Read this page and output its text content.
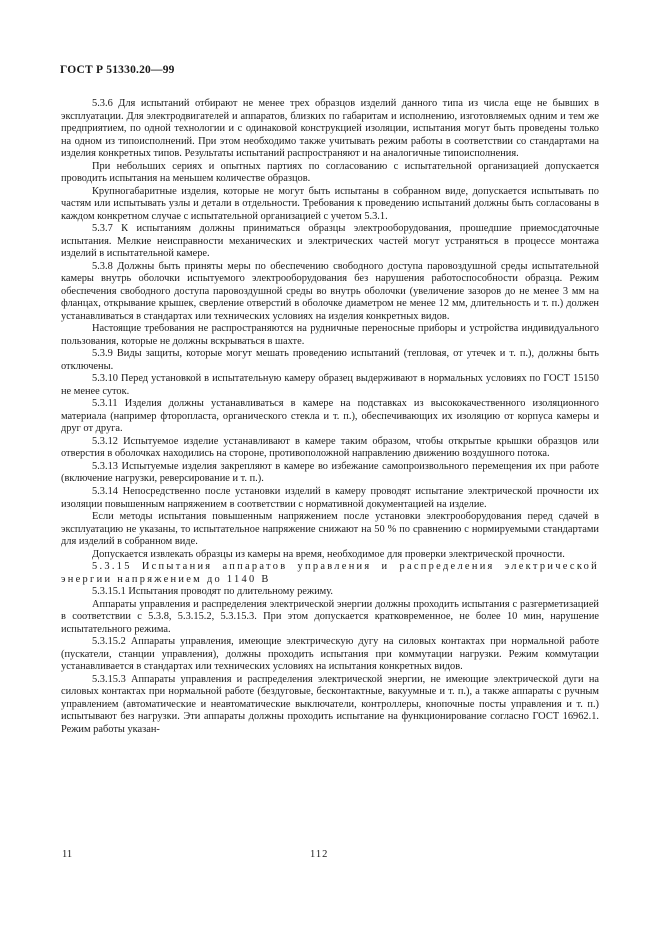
ГОСТ Р 51330.20—99

5.3.6 Для испытаний отбирают не менее трех образцов изделий данного типа из числа еще не бывших в эксплуатации. Для электродвигателей и аппаратов, близких по габаритам и исполнению, изготовляемых одним и тем же предприятием, по одной технологии и с одинаковой конструкцией изоляции, испытания могут быть проведены только на одном из типоисполнений. При этом необходимо также учитывать режим работы в соответствии со стандартами на изделия конкретных типов. Результаты испытаний распространяют и на аналогичные типоисполнения.

При небольших сериях и опытных партиях по согласованию с испытательной организацией допускается проводить испытания на меньшем количестве образцов.

Крупногабаритные изделия, которые не могут быть испытаны в собранном виде, допускается испытывать по частям или испытывать узлы и детали в отдельности. Требования к проведению испытаний должны быть согласованы в каждом конкретном случае с испытательной организацией с учетом 5.3.1.

5.3.7 К испытаниям должны приниматься образцы электрооборудования, прошедшие приемосдаточные испытания. Мелкие неисправности механических и электрических частей могут устраняться в процессе монтажа изделий в испытательной камере.

5.3.8 Должны быть приняты меры по обеспечению свободного доступа паровоздушной среды испытательной камеры внутрь оболочки испытуемого электрооборудования без нарушения работоспособности образца. Режим обеспечения свободного доступа паровоздушной среды во внутрь оболочки (увеличение зазоров до не менее 3 мм на фланцах, открывание крышек, сверление отверстий в оболочке диаметром не менее 12 мм, длительность и т. п.) должен устанавливаться в стандартах или технических условиях на изделия конкретных видов.

Настоящие требования не распространяются на рудничные переносные приборы и устройства индивидуального пользования, которые не должны вскрываться в шахте.

5.3.9 Виды защиты, которые могут мешать проведению испытаний (тепловая, от утечек и т. п.), должны быть отключены.

5.3.10 Перед установкой в испытательную камеру образец выдерживают в нормальных условиях по ГОСТ 15150 не менее суток.

5.3.11 Изделия должны устанавливаться в камере на подставках из высококачественного изоляционного материала (например фторопласта, органического стекла и т. п.), обеспечивающих их изоляцию от корпуса камеры и друг от друга.

5.3.12 Испытуемое изделие устанавливают в камере таким образом, чтобы открытые крышки образцов или отверстия в оболочках находились на стороне, противоположной направлению движению воздушного потока.

5.3.13 Испытуемые изделия закрепляют в камере во избежание самопроизвольного перемещения их при работе (включение нагрузки, реверсирование и т. п.).

5.3.14 Непосредственно после установки изделий в камеру проводят испытание электрической прочности их изоляции повышенным напряжением в соответствии с нормативной документацией на изделие.

Если методы испытания повышенным напряжением после установки электрооборудования перед сдачей в эксплуатацию не указаны, то испытательное напряжение снижают на 50 % по сравнению с нормируемыми стандартами для изделий в собранном виде.

Допускается извлекать образцы из камеры на время, необходимое для проверки электрической прочности.

5.3.15 Испытания аппаратов управления и распределения электрической энергии напряжением до 1140 В

5.3.15.1 Испытания проводят по длительному режиму.

Аппараты управления и распределения электрической энергии должны проходить испытания с разгерметизацией в соответствии с 5.3.8, 5.3.15.2, 5.3.15.3. При этом допускается кратковременное, не более 10 мин, нарушение испытательного режима.

5.3.15.2 Аппараты управления, имеющие электрическую дугу на силовых контактах при нормальной работе (пускатели, станции управления), должны проходить испытания при коммутации нагрузки. Режим коммутации устанавливается в стандартах или технических условиях на испытания конкретных видов.

5.3.15.3 Аппараты управления и распределения электрической энергии, не имеющие электрической дуги на силовых контактах при нормальной работе (бездуговые, бесконтактные, вакуумные и т. п.), а также аппараты с ручным управлением (автоматические и неавтоматические выключатели, контроллеры, кнопочные посты управления и т. п.) испытывают без нагрузки. Эти аппараты должны проходить испытание на функционирование согласно ГОСТ 16962.1. Режим работы указан-

11	112
